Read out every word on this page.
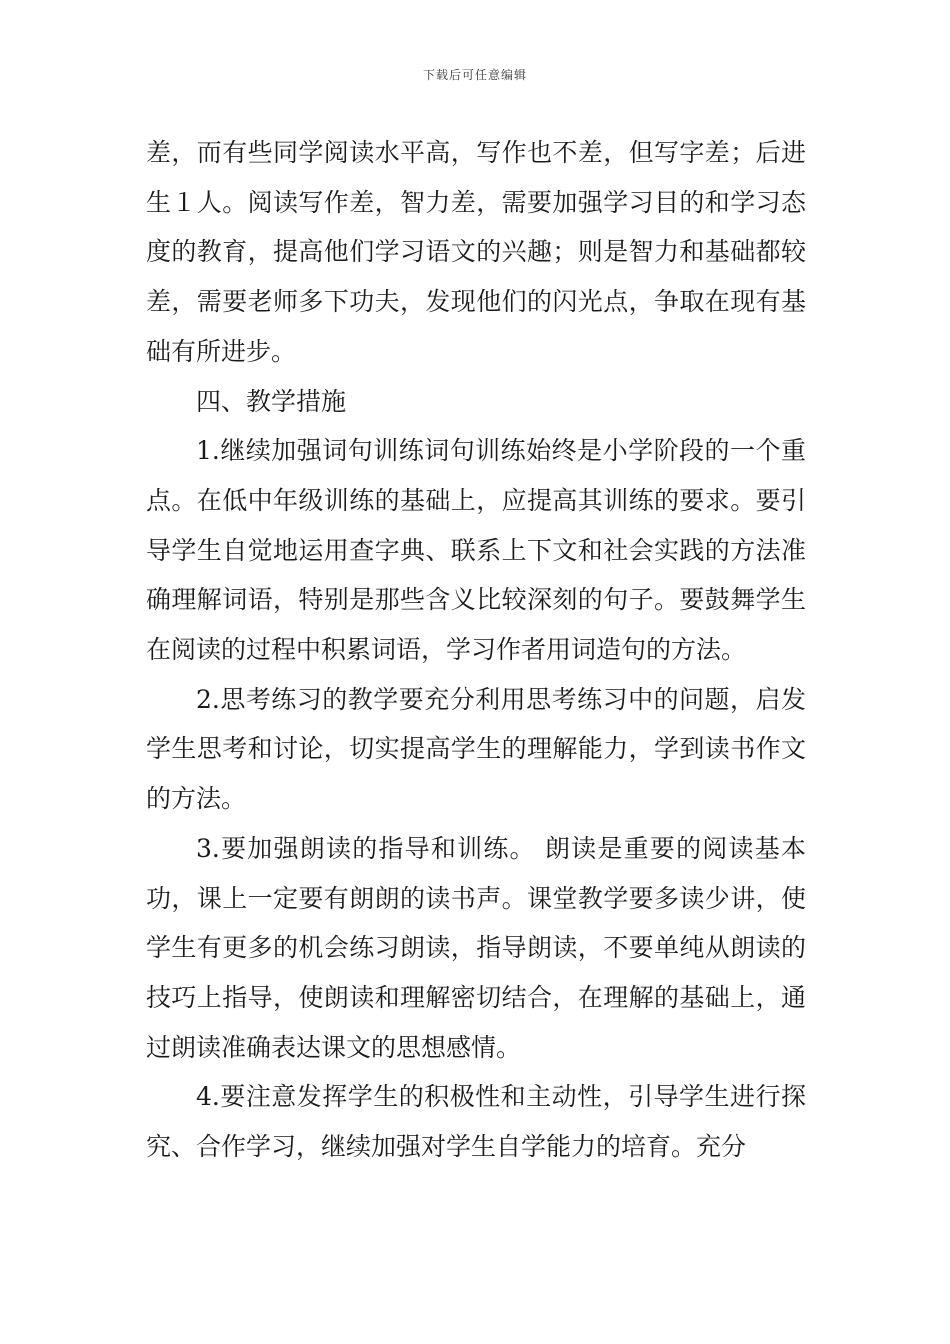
下载后可任意编辑

差，而有些同学阅读水平高，写作也不差，但写字差；后进生１人。阅读写作差，智力差，需要加强学习目的和学习态度的教育，提高他们学习语文的兴趣；则是智力和基础都较差，需要老师多下功夫，发现他们的闪光点，争取在现有基础有所进步。

四、教学措施

1.继续加强词句训练词句训练始终是小学阶段的一个重点。在低中年级训练的基础上，应提高其训练的要求。要引导学生自觉地运用查字典、联系上下文和社会实践的方法准确理解词语，特别是那些含义比较深刻的句子。要鼓舞学生在阅读的过程中积累词语，学习作者用词造句的方法。

2.思考练习的教学要充分利用思考练习中的问题，启发学生思考和讨论，切实提高学生的理解能力，学到读书作文的方法。

3.要加强朗读的指导和训练。 朗读是重要的阅读基本功，课上一定要有朗朗的读书声。课堂教学要多读少讲，使学生有更多的机会练习朗读，指导朗读，不要单纯从朗读的技巧上指导，使朗读和理解密切结合，在理解的基础上，通过朗读准确表达课文的思想感情。

4.要注意发挥学生的积极性和主动性，引导学生进行探究、合作学习，继续加强对学生自学能力的培育。充分
